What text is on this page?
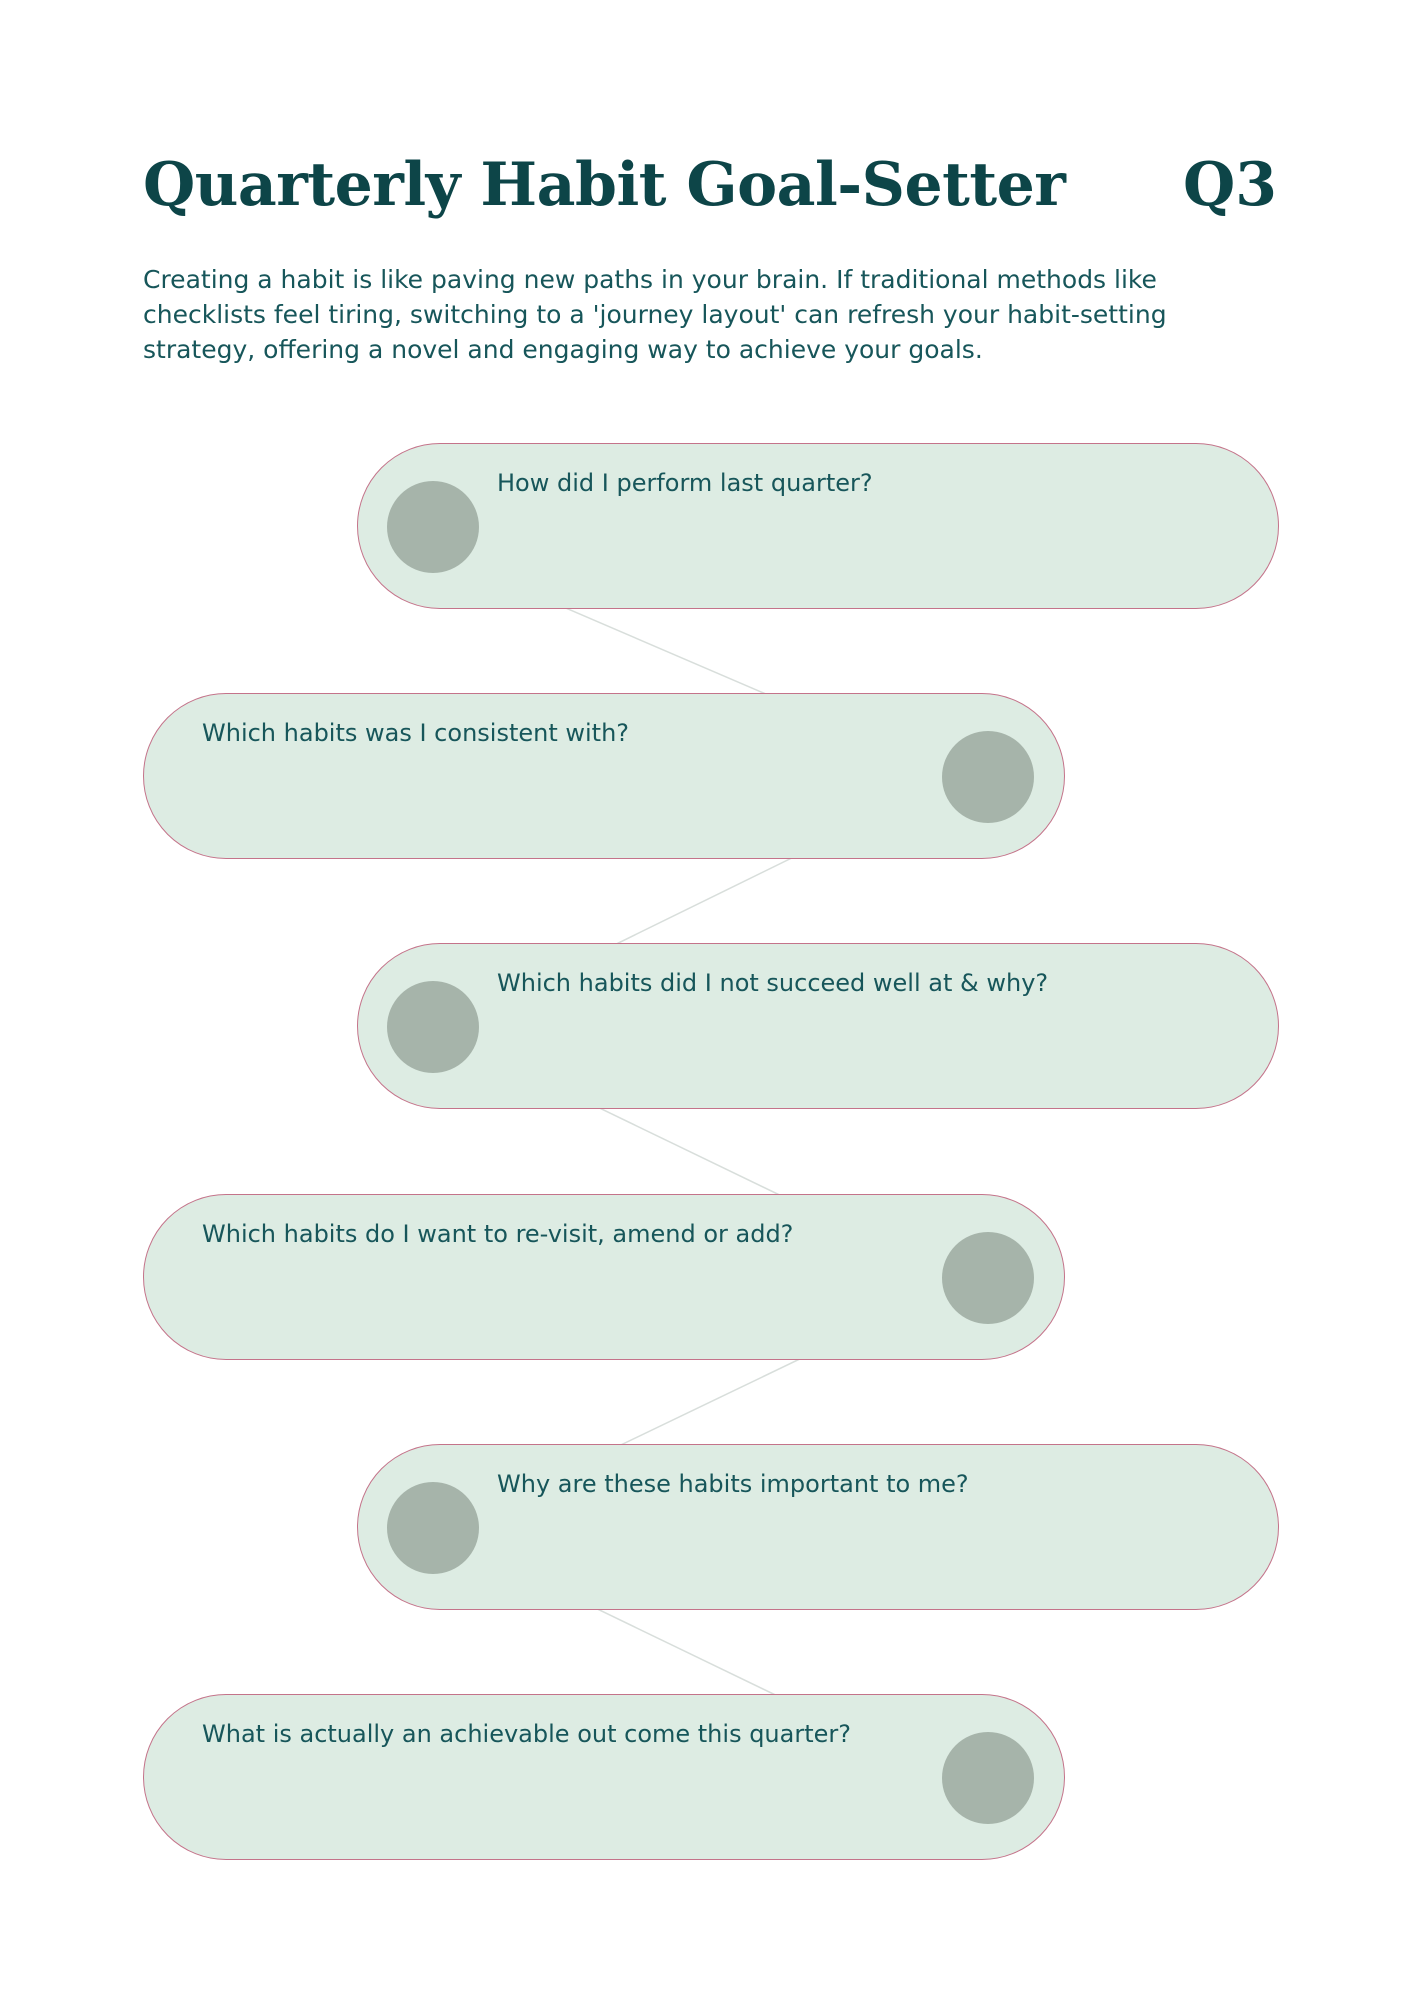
Quarterly Habit Goal-Setter Q3

Creating a habit is like paving new paths in your brain. If traditional methods like checklists feel tiring, switching to a 'journey layout' can refresh your habit-setting strategy, offering a novel and engaging way to achieve your goals.

How did I perform last quarter?
Which habits was I consistent with?
Which habits did I not succeed well at & why?
Which habits do I want to re-visit, amend or add?
Why are these habits important to me?
What is actually an achievable out come this quarter?
